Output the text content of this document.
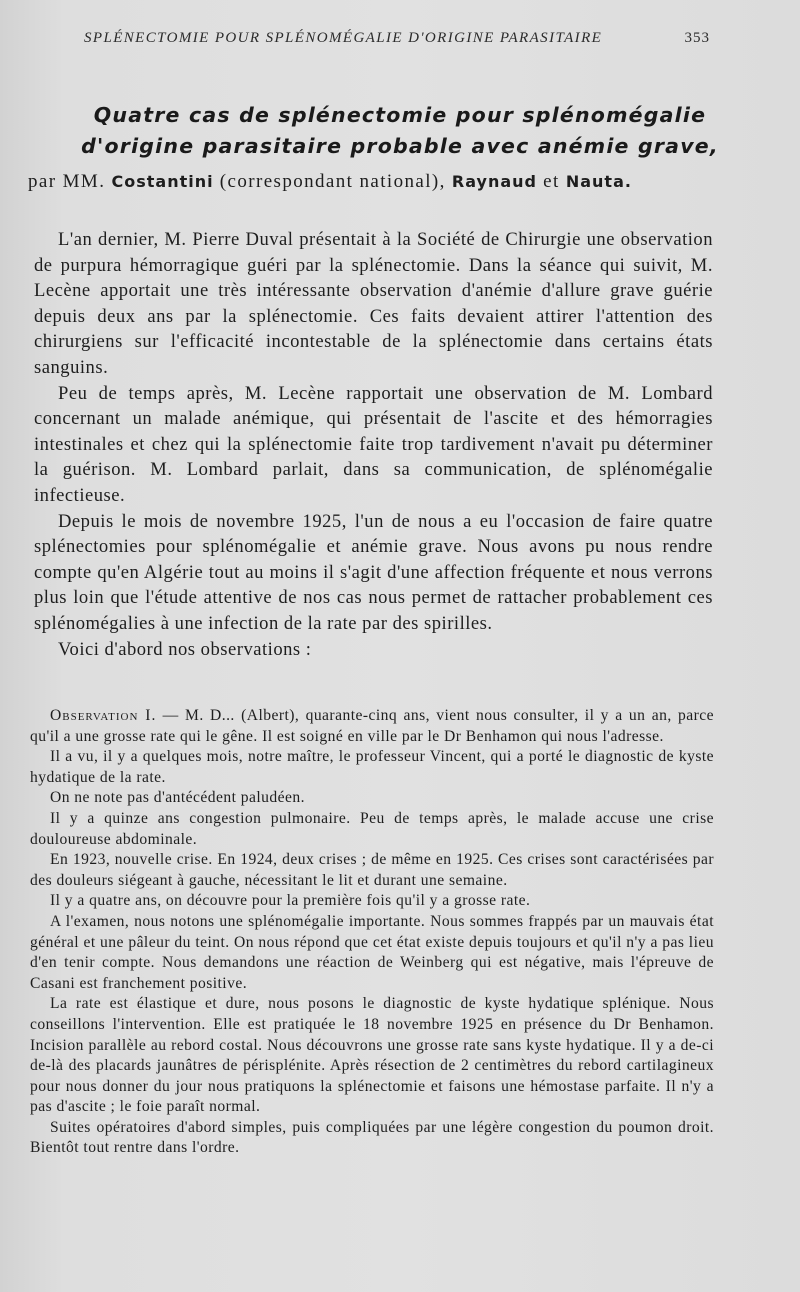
SPLÉNECTOMIE POUR SPLÉNOMÉGALIE D'ORIGINE PARASITAIRE	353
Quatre cas de splénectomie pour splénomégalie
d'origine parasitaire probable avec anémie grave,
par MM. Costantini (correspondant national), Raynaud et Nauta.

L'an dernier, M. Pierre Duval présentait à la Société de Chirurgie une observation de purpura hémorragique guéri par la splénectomie. Dans la séance qui suivit, M. Lecène apportait une très intéressante observation d'anémie d'allure grave guérie depuis deux ans par la splénectomie. Ces faits devaient attirer l'attention des chirurgiens sur l'efficacité incontestable de la splénectomie dans certains états sanguins.

Peu de temps après, M. Lecène rapportait une observation de M. Lombard concernant un malade anémique, qui présentait de l'ascite et des hémorragies intestinales et chez qui la splénectomie faite trop tardivement n'avait pu déterminer la guérison. M. Lombard parlait, dans sa communication, de splénomégalie infectieuse.

Depuis le mois de novembre 1925, l'un de nous a eu l'occasion de faire quatre splénectomies pour splénomégalie et anémie grave. Nous avons pu nous rendre compte qu'en Algérie tout au moins il s'agit d'une affection fréquente et nous verrons plus loin que l'étude attentive de nos cas nous permet de rattacher probablement ces splénomégalies à une infection de la rate par des spirilles.

Voici d'abord nos observations :

Observation I. — M. D... (Albert), quarante-cinq ans, vient nous consulter, il y a un an, parce qu'il a une grosse rate qui le gêne. Il est soigné en ville par le Dr Benhamon qui nous l'adresse.

Il a vu, il y a quelques mois, notre maître, le professeur Vincent, qui a porté le diagnostic de kyste hydatique de la rate.

On ne note pas d'antécédent paludéen.

Il y a quinze ans congestion pulmonaire. Peu de temps après, le malade accuse une crise douloureuse abdominale.

En 1923, nouvelle crise. En 1924, deux crises ; de même en 1925. Ces crises sont caractérisées par des douleurs siégeant à gauche, nécessitant le lit et durant une semaine.

Il y a quatre ans, on découvre pour la première fois qu'il y a grosse rate.

A l'examen, nous notons une splénomégalie importante. Nous sommes frappés par un mauvais état général et une pâleur du teint. On nous répond que cet état existe depuis toujours et qu'il n'y a pas lieu d'en tenir compte. Nous demandons une réaction de Weinberg qui est négative, mais l'épreuve de Casani est franchement positive.

La rate est élastique et dure, nous posons le diagnostic de kyste hydatique splénique. Nous conseillons l'intervention. Elle est pratiquée le 18 novembre 1925 en présence du Dr Benhamon. Incision parallèle au rebord costal. Nous découvrons une grosse rate sans kyste hydatique. Il y a de-ci de-là des placards jaunâtres de périsplénite. Après résection de 2 centimètres du rebord cartilagineux pour nous donner du jour nous pratiquons la splénectomie et faisons une hémostase parfaite. Il n'y a pas d'ascite ; le foie paraît normal.

Suites opératoires d'abord simples, puis compliquées par une légère congestion du poumon droit. Bientôt tout rentre dans l'ordre.
